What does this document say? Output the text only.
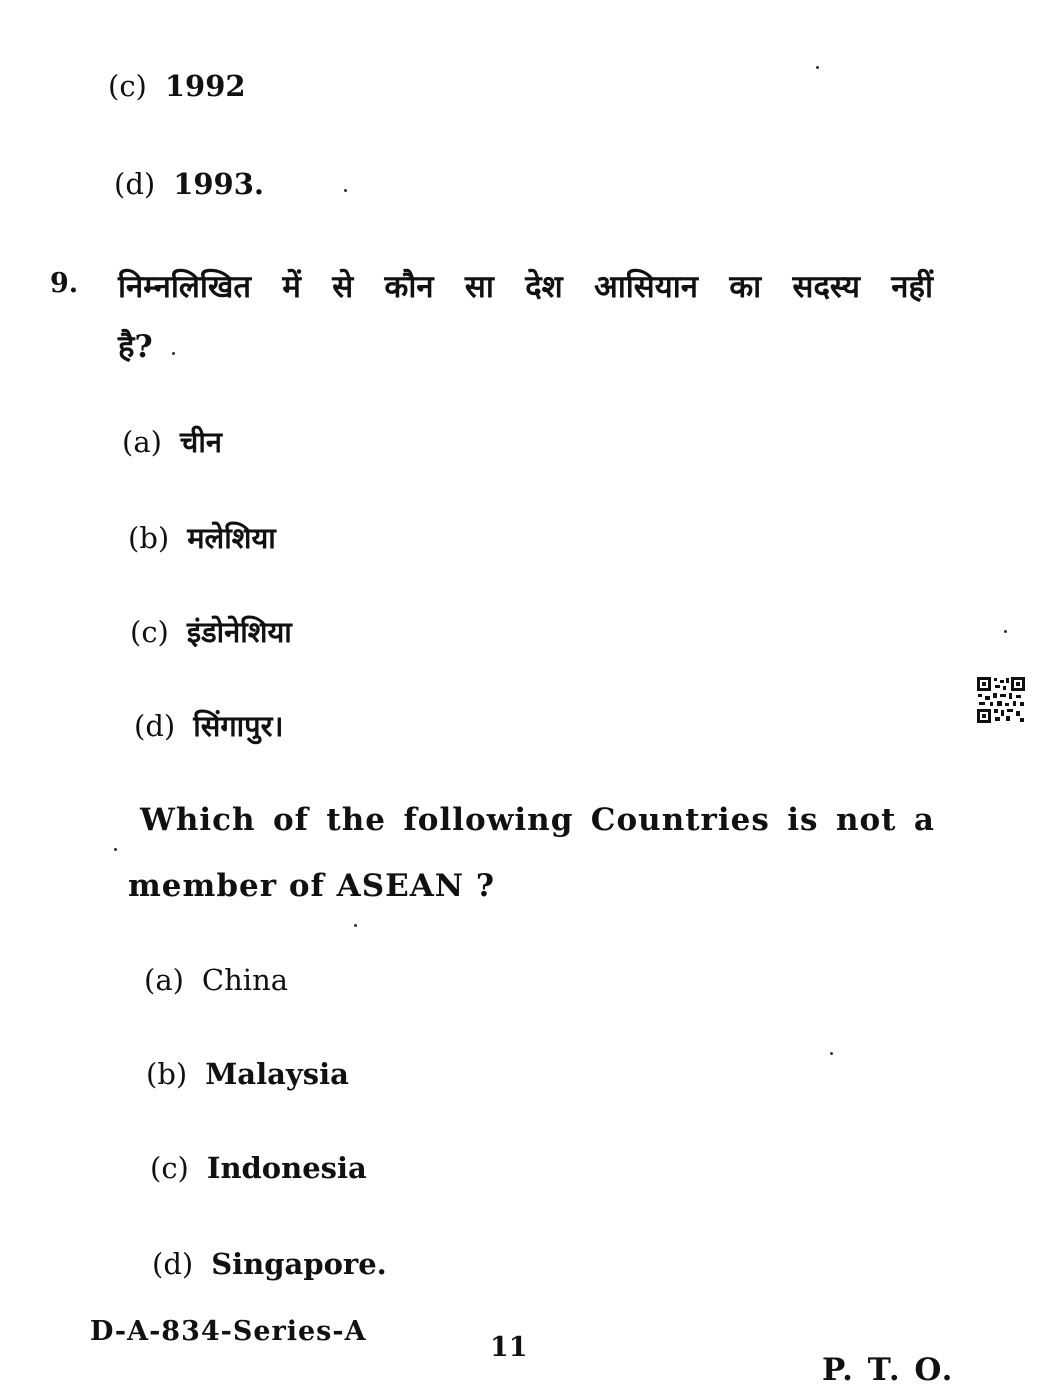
(c) 1992
(d) 1993.
9. निम्नलिखित में से कौन सा देश आसियान का सदस्य नहीं
है?
(a) चीन
(b) मलेशिया
(c) इंडोनेशिया
(d) सिंगापुर।
Which of the following Countries is not a
member of ASEAN ?
(a) China
(b) Malaysia
(c) Indonesia
(d) Singapore.
D-A-834-Series-A
11
P. T. O.
